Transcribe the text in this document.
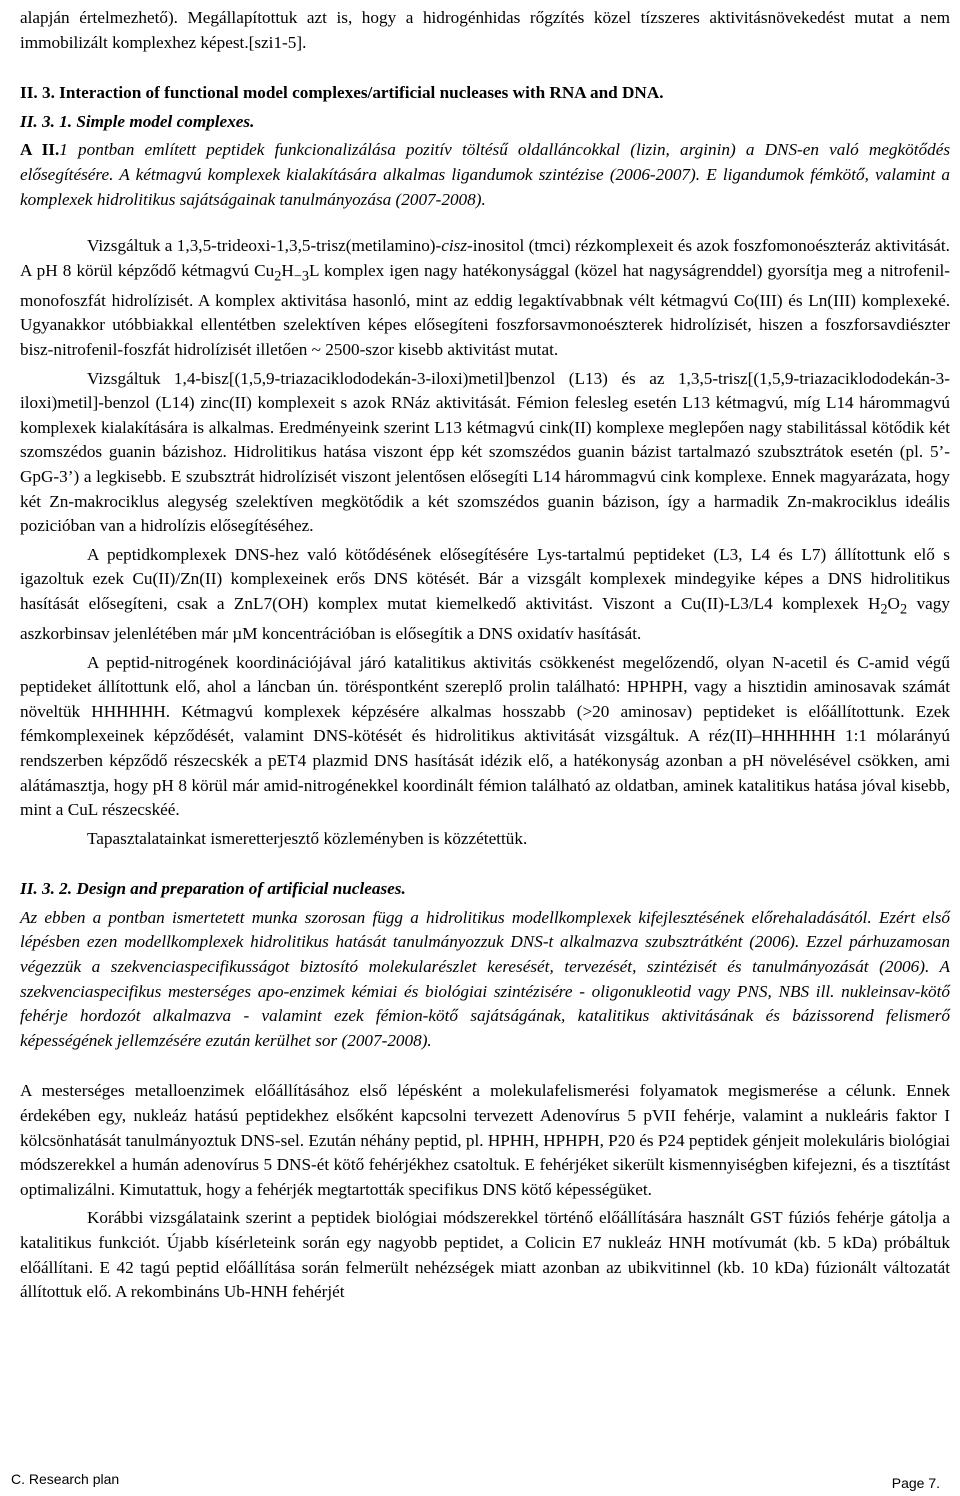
alapján értelmezhető). Megállapítottuk azt is, hogy a hidrogénhidas rőgzítés közel tízszeres aktivitásnövekedést mutat a nem immobilizált komplexhez képest.[szi1-5].

II. 3. Interaction of functional model complexes/artificial nucleases with RNA and DNA.

II. 3. 1. Simple model complexes.

A II.1 pontban említett peptidek funkcionalizálása pozitív töltésű oldalláncokkal (lizin, arginin) a DNS-en való megkötődés elősegítésére. A kétmagvú komplexek kialakítására alkalmas ligandumok szintézise (2006-2007). E ligandumok fémkötő, valamint a komplexek hidrolitikus sajátságainak tanulmányozása (2007-2008).

Vizsgáltuk a 1,3,5-trideoxi-1,3,5-trisz(metilamino)-cisz-inositol (tmci) rézkomplexeit és azok foszfomonoészteráz aktivitását. A pH 8 körül képződő kétmagvú $Cu_2H_{-3}L$ komplex igen nagy hatékonysággal (közel hat nagyságrenddel) gyorsítja meg a nitrofenil-monofoszfát hidrolízisét. A komplex aktivitása hasonló, mint az eddig legaktívabbnak vélt kétmagvú Co(III) és Ln(III) komplexeké. Ugyanakkor utóbbiakkal ellentétben szelektíven képes elősegíteni foszforsavmonoészterek hidrolízisét, hiszen a foszforsavdiészter bisz-nitrofenil-foszfát hidrolízisét illetően ~ 2500-szor kisebb aktivitást mutat.

Vizsgáltuk 1,4-bisz[(1,5,9-triazaciklododekán-3-iloxi)metil]benzol (L13) és az 1,3,5-trisz[(1,5,9-triazaciklododekán-3-iloxi)metil]-benzol (L14) zinc(II) komplexeit s azok RNáz aktivitását. Fémion felesleg esetén L13 kétmagvú, míg L14 hárommagvú komplexek kialakítására is alkalmas. Eredményeink szerint L13 kétmagvú cink(II) komplexe meglepően nagy stabilitással kötődik két szomszédos guanin bázishoz. Hidrolitikus hatása viszont épp két szomszédos guanin bázist tartalmazó szubsztrátok esetén (pl. 5’-GpG-3’) a legkisebb. E szubsztrát hidrolízisét viszont jelentősen elősegíti L14 hárommagvú cink komplexe. Ennek magyarázata, hogy két Zn-makrociklus alegység szelektíven megkötődik a két szomszédos guanin bázison, így a harmadik Zn-makrociklus ideális pozicióban van a hidrolízis elősegítéséhez.

A peptidkomplexek DNS-hez való kötődésének elősegítésére Lys-tartalmú peptideket (L3, L4 és L7) állítottunk elő s igazoltuk ezek Cu(II)/Zn(II) komplexeinek erős DNS kötését. Bár a vizsgált komplexek mindegyike képes a DNS hidrolitikus hasítását elősegíteni, csak a ZnL7(OH) komplex mutat kiemelkedő aktivitást. Viszont a Cu(II)-L3/L4 komplexek $H_2O_2$ vagy aszkorbinsav jelenlétében már µM koncentrációban is elősegítik a DNS oxidatív hasítását.

A peptid-nitrogének koordinációjával járó katalitikus aktivitás csökkenést megelőzendő, olyan N-acetil és C-amid végű peptideket állítottunk elő, ahol a láncban ún. töréspontként szereplő prolin található: HPHPH, vagy a hisztidin aminosavak számát növeltük HHHHHH. Kétmagvú komplexek képzésére alkalmas hosszabb (>20 aminosav) peptideket is előállítottunk. Ezek fémkomplexeinek képződését, valamint DNS-kötését és hidrolitikus aktivitását vizsgáltuk. A réz(II)–HHHHHH 1:1 mólarányú rendszerben képződő részecskék a pET4 plazmid DNS hasítását idézik elő, a hatékonyság azonban a pH növelésével csökken, ami alátámasztja, hogy pH 8 körül már amid-nitrogénekkel koordinált fémion található az oldatban, aminek katalitikus hatása jóval kisebb, mint a CuL részecskéé.

Tapasztalatainkat ismeretterjesztő közleményben is közzétettük.

II. 3. 2. Design and preparation of artificial nucleases.

Az ebben a pontban ismertetett munka szorosan függ a hidrolitikus modellkomplexek kifejlesztésének előrehaladásától. Ezért első lépésben ezen modellkomplexek hidrolitikus hatását tanulmányozzuk DNS-t alkalmazva szubsztrátként (2006). Ezzel párhuzamosan végezzük a szekvenciaspecifikusságot biztosító molekularészlet keresését, tervezését, szintézisét és tanulmányozását (2006). A szekvenciaspecifikus mesterséges apo-enzimek kémiai és biológiai szintézisére - oligonukleotid vagy PNS, NBS ill. nukleinsav-kötő fehérje hordozót alkalmazva - valamint ezek fémion-kötő sajátságának, katalitikus aktivitásának és bázissorend felismerő képességének jellemzésére ezután kerülhet sor (2007-2008).

A mesterséges metalloenzimek előállításához első lépésként a molekulafelismerési folyamatok megismerése a célunk. Ennek érdekében egy, nukleáz hatású peptidekhez elsőként kapcsolni tervezett Adenovírus 5 pVII fehérje, valamint a nukleáris faktor I kölcsönhatását tanulmányoztuk DNS-sel. Ezután néhány peptid, pl. HPHH, HPHPH, P20 és P24 peptidek génjeit molekuláris biológiai módszerekkel a humán adenovírus 5 DNS-ét kötő fehérjékhez csatoltuk. E fehérjéket sikerült kismennyiségben kifejezni, és a tisztítást optimalizálni. Kimutattuk, hogy a fehérjék megtartották specifikus DNS kötő képességüket.

Korábbi vizsgálataink szerint a peptidek biológiai módszerekkel történő előállítására használt GST fúziós fehérje gátolja a katalitikus funkciót. Újabb kísérleteink során egy nagyobb peptidet, a Colicin E7 nukleáz HNH motívumát (kb. 5 kDa) próbáltuk előállítani. E 42 tagú peptid előállítása során felmerült nehézségek miatt azonban az ubikvitinnel (kb. 10 kDa) fúzionált változatát állítottuk elő. A rekombináns Ub-HNH fehérjét

C. Research plan	Page 7.
